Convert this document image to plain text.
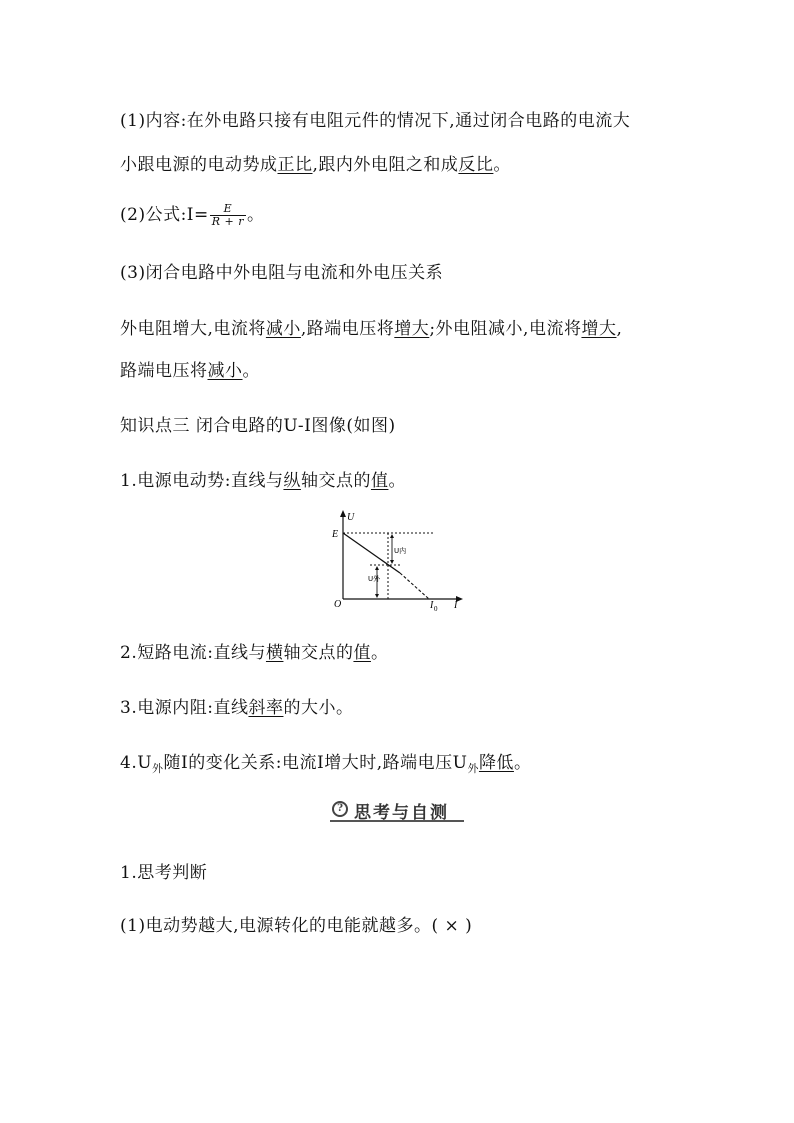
(1)内容:在外电路只接有电阻元件的情况下,通过闭合电路的电流大
小跟电源的电动势成正比,跟内外电阻之和成反比。
(2)公式:I= $\frac{E}{R + r}$ 。
(3)闭合电路中外电阻与电流和外电压关系
外电阻增大,电流将减小,路端电压将增大;外电阻减小,电流将增大,
路端电压将减小。
知识点三 闭合电路的U-I图像(如图)
1.电源电动势:直线与纵轴交点的值。
U
E
O	I
I 0
U内
U外
2.短路电流:直线与横轴交点的值。
3.电源内阻:直线斜率的大小。
$4.U_外$随I的变化关系:电流I增大时,路端电压$U_外$降低。
? 思考与自测
1.思考判断
(1)电动势越大,电源转化的电能就越多。( × )
